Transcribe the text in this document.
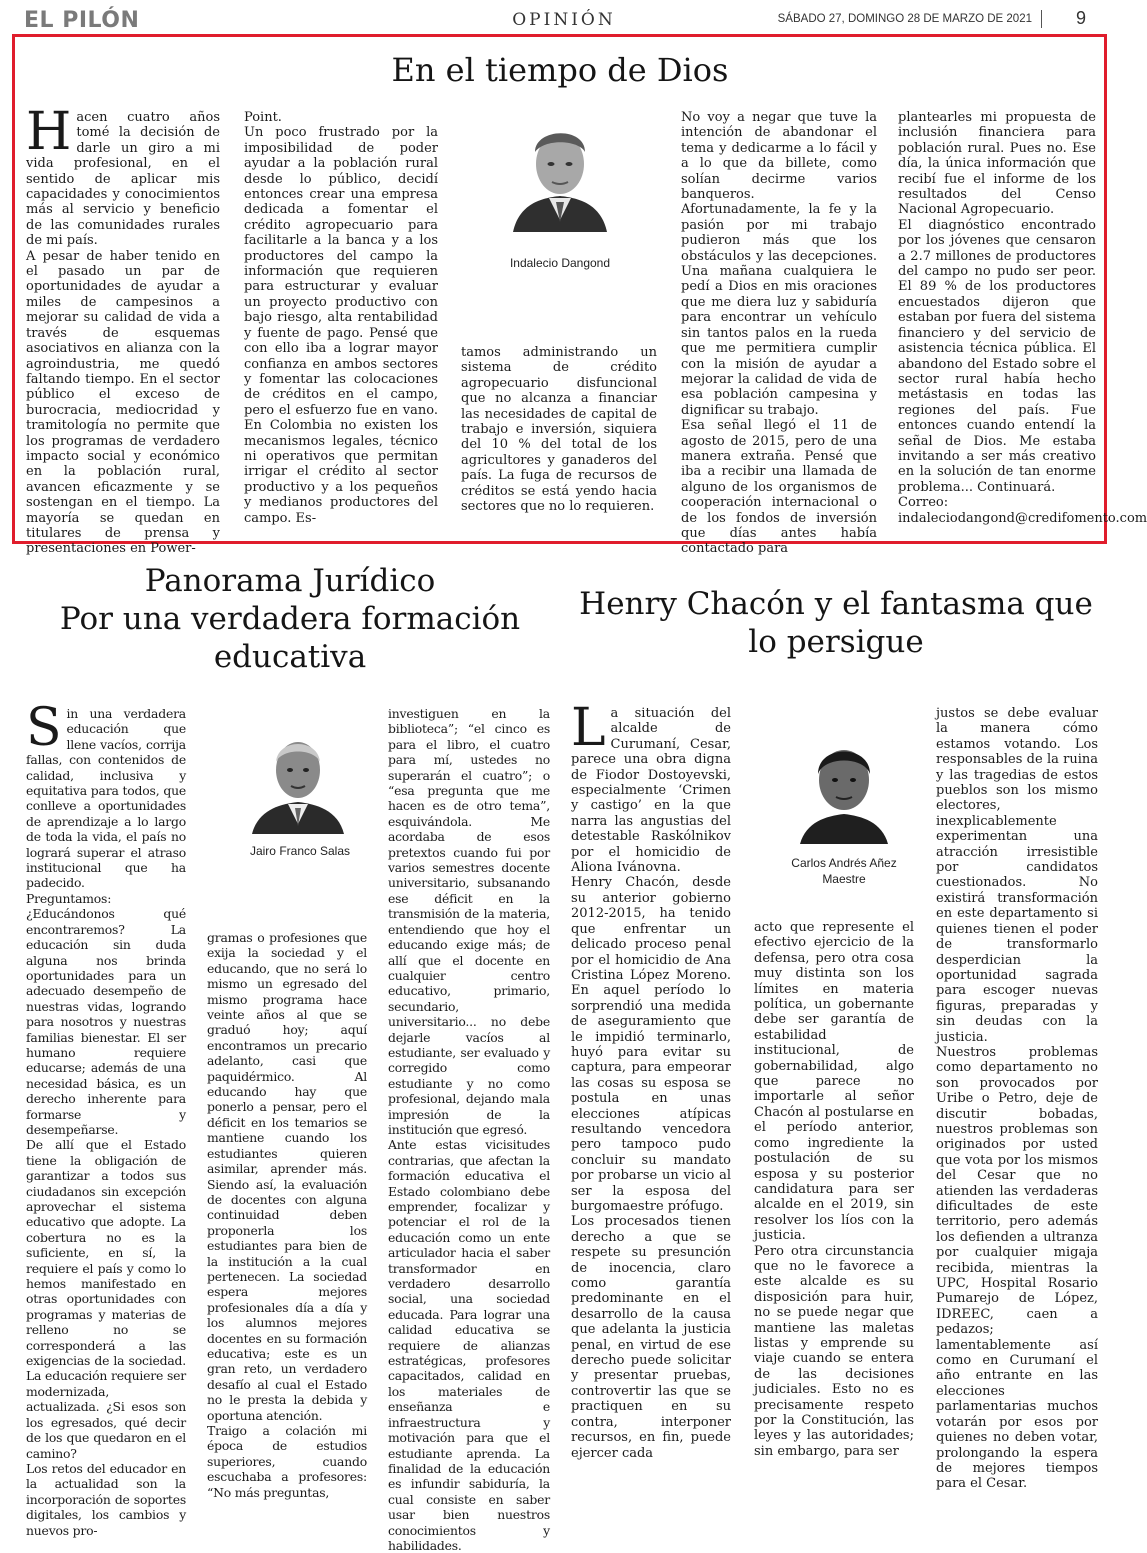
EL PILÓN	OPINIÓN	SÁBADO 27, DOMINGO 28 DE MARZO DE 2021 9
En el tiempo de Dios
H acen cuatro años tomé la decisión de darle un giro a mi vida profesional, en el sentido de aplicar mis capacidades y conocimientos más al servicio y beneficio de las comunidades rurales de mi país.
A pesar de haber tenido en el pasado un par de oportunidades de ayudar a miles de campesinos a mejorar su calidad de vida a través de esquemas asociativos en alianza con la agroindustria, me quedó faltando tiempo. En el sector público el exceso de burocracia, mediocridad y tramitología no permite que los programas de verdadero impacto social y económico en la población rural, avancen eficazmente y se sostengan en el tiempo. La mayoría se quedan en titulares de prensa y presentaciones en Power-
Point.
Un poco frustrado por la imposibilidad de poder ayudar a la población rural desde lo público, decidí entonces crear una empresa dedicada a fomentar el crédito agropecuario para facilitarle a la banca y a los productores del campo la información que requieren para estructurar y evaluar un proyecto productivo con bajo riesgo, alta rentabilidad y fuente de pago. Pensé que con ello iba a lograr mayor confianza en ambos sectores y fomentar las colocaciones de créditos en el campo, pero el esfuerzo fue en vano. En Colombia no existen los mecanismos legales, técnico ni operativos que permitan irrigar el crédito al sector productivo y a los pequeños y medianos productores del campo. Es-
Indalecio Dangond
tamos administrando un sistema de crédito agropecuario disfuncional que no alcanza a financiar las necesidades de capital de trabajo e inversión, siquiera del 10 % del total de los agricultores y ganaderos del país. La fuga de recursos de créditos se está yendo hacia sectores que no lo requieren.
No voy a negar que tuve la intención de abandonar el tema y dedicarme a lo fácil y a lo que da billete, como solían decirme varios banqueros. Afortunadamente, la fe y la pasión por mi trabajo pudieron más que los obstáculos y las decepciones. Una mañana cualquiera le pedí a Dios en mis oraciones que me diera luz y sabiduría para encontrar un vehículo sin tantos palos en la rueda que me permitiera cumplir con la misión de ayudar a mejorar la calidad de vida de esa población campesina y dignificar su trabajo.
Esa señal llegó el 11 de agosto de 2015, pero de una manera extraña. Pensé que iba a recibir una llamada de alguno de los organismos de cooperación internacional o de los fondos de inversión que días antes había contactado para
plantearles mi propuesta de inclusión financiera para población rural. Pues no. Ese día, la única información que recibí fue el informe de los resultados del Censo Nacional Agropecuario.
El diagnóstico encontrado por los jóvenes que censaron a 2.7 millones de productores del campo no pudo ser peor. El 89 % de los productores encuestados dijeron que estaban por fuera del sistema financiero y del servicio de asistencia técnica pública. El abandono del Estado sobre el sector rural había hecho metástasis en todas las regiones del país. Fue entonces cuando entendí la señal de Dios. Me estaba invitando a ser más creativo en la solución de tan enorme problema... Continuará.
Correo: indaleciodangond@credifomento.com
Panorama Jurídico
Por una verdadera formación educativa
S in una verdadera educación que llene vacíos, corrija fallas, con contenidos de calidad, inclusiva y equitativa para todos, que conlleve a oportunidades de aprendizaje a lo largo de toda la vida, el país no logrará superar el atraso institucional que ha padecido.
Preguntamos: ¿Educándonos qué encontraremos? La educación sin duda alguna nos brinda oportunidades para un adecuado desempeño de nuestras vidas, logrando para nosotros y nuestras familias bienestar. El ser humano requiere educarse; además de una necesidad básica, es un derecho inherente para formarse y desempeñarse.
De allí que el Estado tiene la obligación de garantizar a todos sus ciudadanos sin excepción aprovechar el sistema educativo que adopte. La cobertura no es la suficiente, en sí, la requiere el país y como lo hemos manifestado en otras oportunidades con programas y materias de relleno no se corresponderá a las exigencias de la sociedad. La educación requiere ser modernizada, actualizada. ¿Si esos son los egresados, qué decir de los que quedaron en el camino?
Los retos del educador en la actualidad son la incorporación de soportes digitales, los cambios y nuevos pro-
Jairo Franco Salas
gramas o profesiones que exija la sociedad y el educando, que no será lo mismo un egresado del mismo programa hace veinte años al que se graduó hoy; aquí encontramos un precario adelanto, casi que paquidérmico. Al educando hay que ponerlo a pensar, pero el déficit en los temarios se mantiene cuando los estudiantes quieren asimilar, aprender más. Siendo así, la evaluación de docentes con alguna continuidad deben proponerla los estudiantes para bien de la institución a la cual pertenecen. La sociedad espera mejores profesionales día a día y los alumnos mejores docentes en su formación educativa; este es un gran reto, un verdadero desafío al cual el Estado no le presta la debida y oportuna atención.
Traigo a colación mi época de estudios superiores, cuando escuchaba a profesores: “No más preguntas,
investiguen en la biblioteca”; “el cinco es para el libro, el cuatro para mí, ustedes no superarán el cuatro”; o “esa pregunta que me hacen es de otro tema”, esquivándola. Me acordaba de esos pretextos cuando fui por varios semestres docente universitario, subsanando ese déficit en la transmisión de la materia, entendiendo que hoy el educando exige más; de allí que el docente en cualquier centro educativo, primario, secundario, universitario... no debe dejarle vacíos al estudiante, ser evaluado y corregido como estudiante y no como profesional, dejando mala impresión de la institución que egresó.
Ante estas vicisitudes contrarias, que afectan la formación educativa el Estado colombiano debe emprender, focalizar y potenciar el rol de la educación como un ente articulador hacia el saber transformador en verdadero desarrollo social, una sociedad educada. Para lograr una calidad educativa se requiere de alianzas estratégicas, profesores capacitados, calidad en los materiales de enseñanza e infraestructura y motivación para que el estudiante aprenda. La finalidad de la educación es infundir sabiduría, la cual consiste en saber usar bien nuestros conocimientos y habilidades.
Henry Chacón y el fantasma que lo persigue
L a situación del alcalde de Curumaní, Cesar, parece una obra digna de Fiodor Dostoyevski, especialmente ‘Crimen y castigo’ en la que narra las angustias del detestable Raskólnikov por el homicidio de Aliona Ivánovna.
Henry Chacón, desde su anterior gobierno 2012-2015, ha tenido que enfrentar un delicado proceso penal por el homicidio de Ana Cristina López Moreno. En aquel período lo sorprendió una medida de aseguramiento que le impidió terminarlo, huyó para evitar su captura, para empeorar las cosas su esposa se postula en unas elecciones atípicas resultando vencedora pero tampoco pudo concluir su mandato por probarse un vicio al ser la esposa del burgomaestre prófugo.
Los procesados tienen derecho a que se respete su presunción de inocencia, claro como garantía predominante en el desarrollo de la causa que adelanta la justicia penal, en virtud de ese derecho puede solicitar y presentar pruebas, controvertir las que se practiquen en su contra, interponer recursos, en fin, puede ejercer cada
Carlos Andrés Añez
Maestre
acto que represente el efectivo ejercicio de la defensa, pero otra cosa muy distinta son los límites en materia política, un gobernante debe ser garantía de estabilidad institucional, de gobernabilidad, algo que parece no importarle al señor Chacón al postularse en el período anterior, como ingrediente la postulación de su esposa y su posterior candidatura para ser alcalde en el 2019, sin resolver los líos con la justicia.
Pero otra circunstancia que no le favorece a este alcalde es su disposición para huir, no se puede negar que mantiene las maletas listas y emprende su viaje cuando se entera de las decisiones judiciales. Esto no es precisamente respeto por la Constitución, las leyes y las autoridades; sin embargo, para ser
justos se debe evaluar la manera cómo estamos votando. Los responsables de la ruina y las tragedias de estos pueblos son los mismo electores, inexplicablemente experimentan una atracción irresistible por candidatos cuestionados. No existirá transformación en este departamento si quienes tienen el poder de transformarlo desperdician la oportunidad sagrada para escoger nuevas figuras, preparadas y sin deudas con la justicia.
Nuestros problemas como departamento no son provocados por Uribe o Petro, deje de discutir bobadas, nuestros problemas son originados por usted que vota por los mismos del Cesar que no atienden las verdaderas dificultades de este territorio, pero además los defienden a ultranza por cualquier migaja recibida, mientras la UPC, Hospital Rosario Pumarejo de López, IDREEC, caen a pedazos; lamentablemente así como en Curumaní el año entrante en las elecciones parlamentarias muchos votarán por esos por quienes no deben votar, prolongando la espera de mejores tiempos para el Cesar.
